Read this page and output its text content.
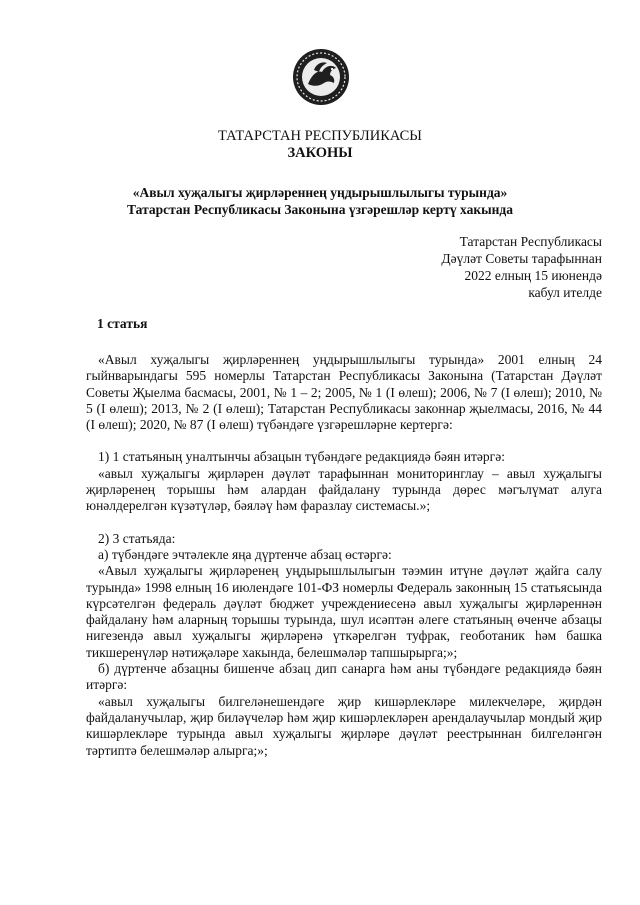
ТАТАРСТАН РЕСПУБЛИКАСЫ
ЗАКОНЫ
«Авыл хуҗалыгы җирләреннең уңдырышлылыгы турында»
Татарстан Республикасы Законына үзгәрешләр кертү хакында
Татарстан Республикасы
Дәүләт Советы тарафыннан
2022 елның 15 июнендә
кабул ителде
1 статья

«Авыл хуҗалыгы җирләреннең уңдырышлылыгы турында» 2001 елның 24 гыйнварындагы 595 номерлы Татарстан Республикасы Законына (Татарстан Дәүләт Советы Җыелма басмасы, 2001, № 1 – 2; 2005, № 1 (I өлеш); 2006, № 7 (I өлеш); 2010, № 5 (I өлеш); 2013, № 2 (I өлеш); Татарстан Республикасы законнар җыелмасы, 2016, № 44 (I өлеш); 2020, № 87 (I өлеш) түбәндәге үзгәрешләрне кертергә:

1) 1 статьяның уналтынчы абзацын түбәндәге редакциядә бәян итәргә:

«авыл хуҗалыгы җирләрен дәүләт тарафыннан мониторинглау – авыл хуҗалыгы җирләренең торышы һәм алардан файдалану турында дөрес мәгълүмат алуга юнәлдерелгән күзәтүләр, бәяләү һәм фаразлау системасы.»;

2) 3 статьяда:

а) түбәндәге эчтәлекле яңа дүртенче абзац өстәргә:

«Авыл хуҗалыгы җирләренең уңдырышлылыгын тәэмин итүне дәүләт җайга салу турында» 1998 елның 16 июлендәге 101-ФЗ номерлы Федераль законның 15 статьясында күрсәтелгән федераль дәүләт бюджет учреждениесенә авыл хуҗалыгы җирләреннән файдалану һәм аларның торышы турында, шул исәптән әлеге статьяның өченче абзацы нигезендә авыл хуҗалыгы җирләренә үткәрелгән туфрак, геоботаник һәм башка тикшеренүләр нәтиҗәләре хакында, белешмәләр тапшырырга;»;

б) дүртенче абзацны бишенче абзац дип санарга һәм аны түбәндәге редакциядә бәян итәргә:

«авыл хуҗалыгы билгеләнешендәге җир кишәрлекләре милекчеләре, җирдән файдаланучылар, җир биләүчеләр һәм җир кишәрлекләрен арендалаучылар мондый җир кишәрлекләре турында авыл хуҗалыгы җирләре дәүләт реестрыннан билгеләнгән тәртиптә белешмәләр алырга;»;
